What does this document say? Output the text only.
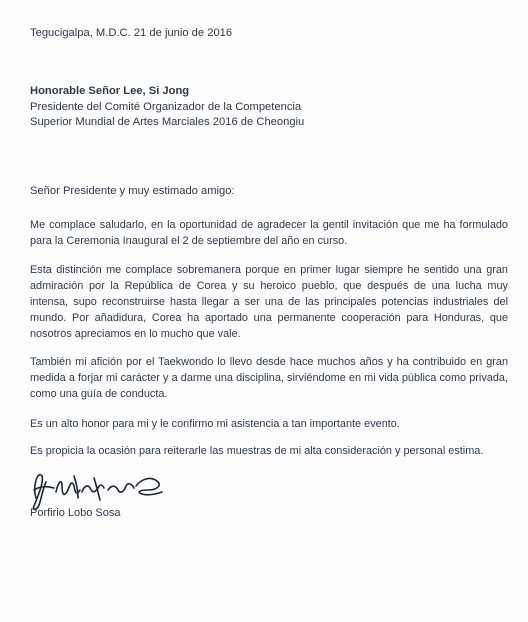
Tegucigalpa, M.D.C. 21 de junio de 2016
Honorable Señor Lee, Si Jong
Presidente del Comité Organizador de la Competencia
Superior Mundial de Artes Marciales 2016 de Cheongiu
Señor Presidente y muy estimado amigo:
Me complace saludarlo, en la oportunidad de agradecer la gentil invitación que me ha formulado para la Ceremonia Inaugural el 2 de septiembre del año en curso.
Esta distinción me complace sobremanera porque en primer lugar siempre he sentido una gran admiración por la República de Corea y su heroico pueblo, que después de una lucha muy intensa, supo reconstruirse hasta llegar a ser una de las principales potencias industriales del mundo. Por añadidura, Corea ha aportado una permanente cooperación para Honduras, que nosotros apreciamos en lo mucho que vale.
También mi afición por el Taekwondo lo llevo desde hace muchos años y ha contribuido en gran medida a forjar mi carácter y a darme una disciplina, sirviéndome en mi vida pública como privada, como una guía de conducta.
Es un alto honor para mi y le confirmo mi asistencia a tan importante evento.
Es propicia la ocasión para reiterarle las muestras de mi alta consideración y personal estima.
Porfirio Lobo Sosa
